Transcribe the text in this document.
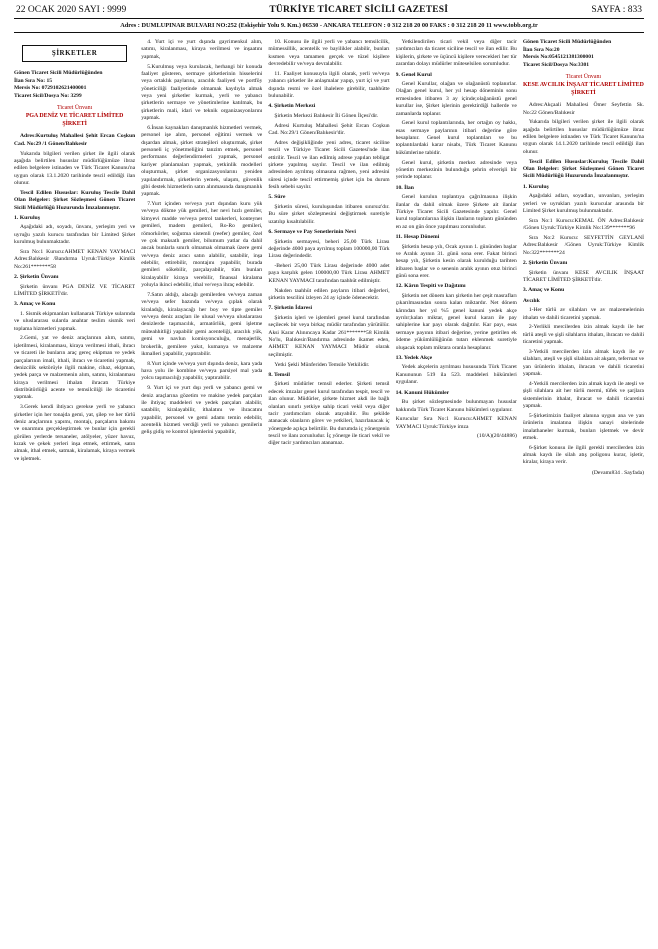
22 OCAK 2020 SAYI : 9999	TÜRKİYE TİCARET SİCİLİ GAZETESİ	SAYFA : 833
Adres : DUMLUPINAR BULVARI NO:252 (Eskişehir Yolu 9. Km.) 06530 - ANKARA TELEFON : 0 312 218 20 00 FAKS : 0 312 218 20 11 www.tobb.org.tr
ŞİRKETLER
Gönen Ticaret Sicili Müdürlüğünden
İlan Sıra No: 15
Mersis No: 0729102621400001
Ticaret Sicil/Dosya No: 3299
Ticaret Ünvanı
PGA DENİZ VE TİCARET LİMİTED ŞİRKETİ

Adres:Kurtuluş Mahallesi Şehit Ercan Coşkun Cad. No:29 /1 Gönen/Balıkesir

Yukarıda bilgileri verilen şirket ile ilgili olarak aşağıda belirtilen hususlar müdürlüğümüze ibraz edilen belgelere istinaden ve Türk Ticaret Kanunu'na uygun olarak 13.1.2020 tarihinde tescil edildiği ilan olunur.

Tescil Edilen Hususlar: Kuruluş Tescile Dahil Olan Belgeler: Şirket Sözleşmesi Gönen Ticaret Sicili Müdürlüğü Huzurunda İmzalanmıştır.

1. Kuruluş

Aşağıdaki adı, soyadı, ünvanı, yerleşim yeri ve uyruğu yazılı kurucu tarafından bir Limited Şirket kurulmuş bulunmaktadır.

Sıra No:1 Kurucu:AHMET KENAN YAYMACI Adres:Balıkesir /Bandırma Uyruk:Türkiye Kimlik No:261*******58

2. Şirketin Ünvanı

Şirketin ünvanı PGA DENİZ VE TİCARET LİMİTED ŞİRKETİ'dir.

3. Amaç ve Konu

1. Sismik ekipmanları kullanarak Türkiye sularında ve uluslararası sularda anahtar teslim sismik veri toplama hizmetleri yapmak.

2.Gemi, yat ve deniz araçlarının alım, satımı, işletilmesi, kiralanması, kiraya verilmesi ithali, ihracı ve ticareti ile bunların araç gereç ekipman ve yedek parçalarının imali, ithali, ihracı ve ticaretini yapmak, denizcilik sektörüyle ilgili makine, cihaz, ekipman, yedek parça ve malzemenin alım, satımı, kiralanması kiraya verilmesi ithalatı ihracatı Türkiye distribütörlüğü acente ve temsilciliği ile ticaretini yapmak.

3.Gerek kendi ihtiyacı gerekse yerli ve yabancı şirketler için her tonajda gemi, yat, şilep ve her türlü deniz araçlarının yapımı, montajı, parçaların bakımı ve onarımını gerçekleştirmek ve bunlar için gerekli görülen yerlerde tersaneler, atölyeler, yüzer havuz, kızak ve çekek yerleri inşa etmek, ettirmek, satın almak, ithal etmek, satmak, kiralamak, kiraya vermek ve işletmek.

4. Yurt içi ve yurt dışında gayrimenkul alım, satımı, kiralanması, kiraya verilmesi ve inşaatını yapmak,

5.Kurulmuş veya kurulacak, herhangi bir konuda faaliyet gösteren, sermaye şirketlerinin hisselerini veya ortaklık paylarını, aracılık faaliyeti ve portföy yöneticiliği faaliyetinde olmamak kaydıyla almak veya yeni şirketler kurmak, yerli ve yabancı şirketlerin sermaye ve yönetimlerine katılmak, bu şirketlerin mali, idari ve teknik organizasyonlarını yapmak.

6.İnsan kaynakları danışmanlık hizmetleri vermek, personel işe alım, personel eğitimi vermek ve dışardan almak, şirket stratejileri oluşturmak, şirket personeli iç yönetmeliğini tanzim etmek, personel performans değerlendirmeleri yapmak, personel kariyer planlamaları yapmak, yetkinlik modelleri oluşturmak, şirket organizasyonlarını yeniden yapılandırmak, şirketlerin yemek, ulaşım, güvenlik gibi destek hizmetlerin satın alınmasında danışmanlık yapmak.

7.Yurt içinden ve/veya yurt dışından kuru yük ve/veya dökme yük gemileri, her nevi hızlı gemiler, kimyevi madde ve/veya petrol tankerleri, konteyner gemileri, madem gemileri, Ro-Ro gemileri, römorkörler, soğutma sistemli (reefer) gemiler, özel ve çok maksatlı gemiler, bilumum yatlar da dahil ancak bunlarla sınırlı olmamak olmamak üzere gemi ve/veya deniz aracı satın alabilir, satabilir, inşa edebilir, ettirebilir, montajını yapabilir, burada gemileri sökebilir, parçalayabilir, tüm bunları kiralayabilir kiraya verebilir, finansal kiralama yoluyla ikinci edebilir, ithal ve/veya ihraç edebilir.

7.Satın aldığı, alacağı gemilerden ve/veya zaman ve/veya sefer bazında ve/veya çıplak olarak kiraladığı, kiralayacağı her boy ve tipte gemiler ve/veya deniz araçları ile ulusal ve/veya uluslararası denizlerde taşımacılık, armatörlük, gemi işletme müteahhitliği yapabilir gemi acenteliği, aracılık yük, gemi ve navlun komisyonculuğu, menajerlik, brokerlik, gemilere yakıt, kumanya ve malzeme ikmalleri yapabilir, yaptırabilir.

8.Yurt içinde ve/veya yurt dışında deniz, kara yada hava yolu ile kombine ve/veya parsiyel mal yada yolcu taşımacılığı yapabilir, yaptırabilir.

9. Yurt içi ve yurt dışı yerli ve yabancı gemi ve deniz araçlarına gözetim ve makine yedek parçaları ile ihtiyaç maddeleri ve yedek parçaları alabilir, satabilir, kiralayabilir, ithalatını ve ihracatını yapabilir, personel ve gemi adamı temin edebilir, acentelik hizmeti verdiği yerli ve yabancı gemilerin geliş gidiş ve kontrol işlemlerini yapabilir,

10. Konusu ile ilgili yerli ve yabancı temsilcilik, mümessillik, acentelik ve bayilikler alabilir, bunları kısmen veya tamamen gerçek ve tüzel kişilere devredebilir ve/veya devralabilir.

11. Faaliyet konusuyla ilgili olarak, yerli ve/veya yabancı şirketler ile anlaşmalar yapıp, yurt içi ve yurt dışında resmi ve özel ihalelere girebilir, taahhütte bulunabilir.

4. Şirketin Merkezi

Şirketin Merkezi Balıkesir İli Gönen İlçesi'dir.

Adresi Kurtuluş Mahallesi Şehit Ercan Coşkun Cad. No:29/1 Gönen/Balıkesir'dir.

Adres değişikliğinde yeni adres, ticaret siciline tescil ve Türkiye Ticaret Sicili Gazetesi'nde ilan ettirilir. Tescil ve ilan edilmiş adrese yapılan tebligat şirkete yapılmış sayılır. Tescil ve ilan edilmiş adresinden ayrılmış olmasına rağmen, yeni adresini süresi içinde tescil ettirmemiş şirket için bu durum fesih sebebi sayılır.

5. Süre

Şirketin süresi, kuruluşundan itibaren sınırsız'dır. Bu süre şirket sözleşmesini değiştirmek suretiyle uzatılıp kısaltılabilir.

6. Sermaye ve Pay Senetlerinin Nevi

Şirketin sermayesi, beheri 25,00 Türk Lirası değerinde 4000 paya ayrılmış toplam 100000,00 Türk Lirası değerindedir.

-Beheri 25,00 Türk Lirası değerinde 4000 adet paya karşılık gelen 100000,00 Türk Lirası AHMET KENAN YAYMACI tarafından taahhüt edilmiştir.

Nakden taahhüt edilen payların itibari değerleri, şirketin tescilini izleyen 24 ay içinde ödenecektir.

7. Şirketin İdaresi

Şirketin işleri ve işlemleri genel kurul tarafından seçilecek bir veya birkaç müdür tarafından yürütülür. Aksi Karar Alınıncaya Kadar 261*******58 Kimlik No'lu, Balıkesir/Bandırma adresinde ikamet eden, AHMET KENAN YAYMACI Müdür olarak seçilmiştir.

Yetki Şekli Münferiden Temsile Yetkilidir.

8. Temsil

Şirketi müdürler temsil ederler. Şirketi temsil edecek imzalar genel kurul tarafından tespit, tescil ve ilan olunur. Müdürler, şirkete hizmet akdi ile bağlı olanları sınırlı yetkiye sahip ticari vekil veya diğer tacir yardımcıları olarak atayabilir. Bu şekilde atanacak olanların görev ve yetkileri, hazırlanacak iç yönergede açıkça belirtilir. Bu durumda iç yönergenin tescil ve ilanı zorunludur. İç yönerge ile ticari vekil ve diğer tacir yardımcıları atanamaz.

Yetkilendirilen ticari vekil veya diğer tacir yardımcıları da ticaret siciline tescil ve ilan edilir. Bu kişilerin, şirkete ve üçüncü kişilere verecekleri her tür zarardan dolayı müdürler müteselsilen sorumludur.

9. Genel Kurul

Genel Kurullar, olağan ve olağanüstü toplanırlar. Olağan genel kurul, her yıl hesap döneminin sonu ermesinden itibaren 3 ay içinde;olağanüstü genel kurullar ise, Şirket işlerinin gerektirdiği hallerde ve zamanlarda toplanır.

Genel kurul toplantılarında, her ortağın oy hakkı, esas sermaye paylarının itibari değerine göre hesaplanır. Genel kurul toplantıları ve bu toplantılardaki karar nisabı, Türk Ticaret Kanunu hükümlerine tabidir.

Genel kurul, şirketin merkez adresinde veya yönetim merkezinin bulunduğu şehrin elverişli bir yerinde toplanır.

10. İlan

Genel kurulun toplantıya çağrılmasına ilişkin ilanlar da dahil olmak üzere Şirkete ait ilanlar Türkiye Ticaret Sicili Gazetesinde yapılır. Genel kurul toplantılarına ilişkin ilanların toplantı gününden en az on gün önce yapılması zorunludur.

11. Hesap Dönemi

Şirketin hesap yılı, Ocak ayının 1. gününden başlar ve Aralık ayının 31. günü sona erer. Fakat birinci hesap yılı, Şirketin kesin olarak kurulduğu tarihten itibaren başlar ve o senenin aralık ayının otuz birinci günü sona erer.

12. Kârın Tespiti ve Dağıtımı

Şirketin net dönem karı şirketin her çeşit masrafları çıkarılmasından sonra kalan miktardır. Net dönem kârından her yıl %5 genel kanuni yedek akçe ayrılır;kalan miktar, genel kurul kararı ile pay sahiplerine kar payı olarak dağıtılır. Kar payı, esas sermaye payının itibari değerine, yerine getirilen ek ödeme yükümlülüğünün tutarı eklenmek suretiyle oluşacak toplam miktara oranla hesaplanır.

13. Yedek Akçe

Yedek akçelerin ayrılması hususunda Türk Ticaret Kanununun 519 ila 523. maddeleri hükümleri uygulanır.

14. Kanuni Hükümler

Bu şirket sözleşmesinde bulunmayan hususlar hakkında Türk Ticaret Kanunu hükümleri uygulanır.

Kurucular Sıra No:1 Kurucu:AHMET KENAN YAYMACI Uyruk:Türkiye imza

(10/A)(20/44886)
Gönen Ticaret Sicili Müdürlüğünden
İlan Sıra No:20
Mersis No:0545121381300001
Ticaret Sicil/Dosya No:3301
Ticaret Ünvanı
KESE AVCILIK İNŞAAT TİCARET LİMİTED ŞİRKETİ

Adres:Akçaali Mahallesi Ömer Seyfettin Sk. No:22 Gönen/Balıkesir

Yukarıda bilgileri verilen şirket ile ilgili olarak aşağıda belirtilen hususlar müdürlüğümüze ibraz edilen belgelere istinaden ve Türk Ticaret Kanunu'na uygun olarak 14.1.2020 tarihinde tescil edildiği ilan olunur.

Tescil Edilen Hususlar:Kuruluş Tescile Dahil Olan Belgeler: Şirket Sözleşmesi Gönen Ticaret Sicili Müdürlüğü Huzurunda İmzalanmıştır.

1. Kuruluş

Aşağıdaki adları, soyadları, unvanları, yerleşim yerleri ve uyrukları yazılı kurucular arasında bir Limited Şirket kurulmuş bulunmaktadır.

Sıra No:1 Kurucu:KEMAL ÖN Adres:Balıkesir /Gönen Uyruk:Türkiye Kimlik No:139*******96

Sıra No:2 Kurucu: SEYFETTİN GEYLANİ Adres:Balıkesir /Gönen Uyruk:Türkiye Kimlik No:322*******24

2. Şirketin Ünvanı

Şirketin ünvanı KESE AVCILIK İNŞAAT TİCARET LİMİTED ŞİRKETİ'dir.

3. Amaç ve Konu
Avcılık

1-Her türlü av silahları ve av malzemelerinin ithalatı ve dahili ticaretini yapmak.

2-Yerlikli mercilerden izin almak kaydı ile her türlü ateşli ve şişli silahların ithalatı, ihracatı ve dahili ticaretini yapmak.

3-Yetkili mercilerden izin almak kaydı ile av silahları, ateşli ve şişli silahlara ait akşam, teferruat ve yan ürünlerin ithalatı, ihracatı ve dahili ticaretini yapmak.

4-Yetkili mercilerden izin almak kaydı ile ateşli ve şişli silahlara ait her türlü mermi, tüfek ve şarjlara sistemlerinin ithalat, ihracat ve dahili ticaretini yapmak.

5-Şirketimizin faaliyet alanına uygun ana ve yan ürünlerin imalatına ilişkin sanayi sitelerinde imalathaneler kurmak, bunları işletmek ve devir etmek.

6-Şirket konusu ile ilgili gerekli mercilerden izin almak kaydı ile silah atış poligonu kurar, işletir, kiralar, kiraya verir.

(Devamı834 . Sayfada)
